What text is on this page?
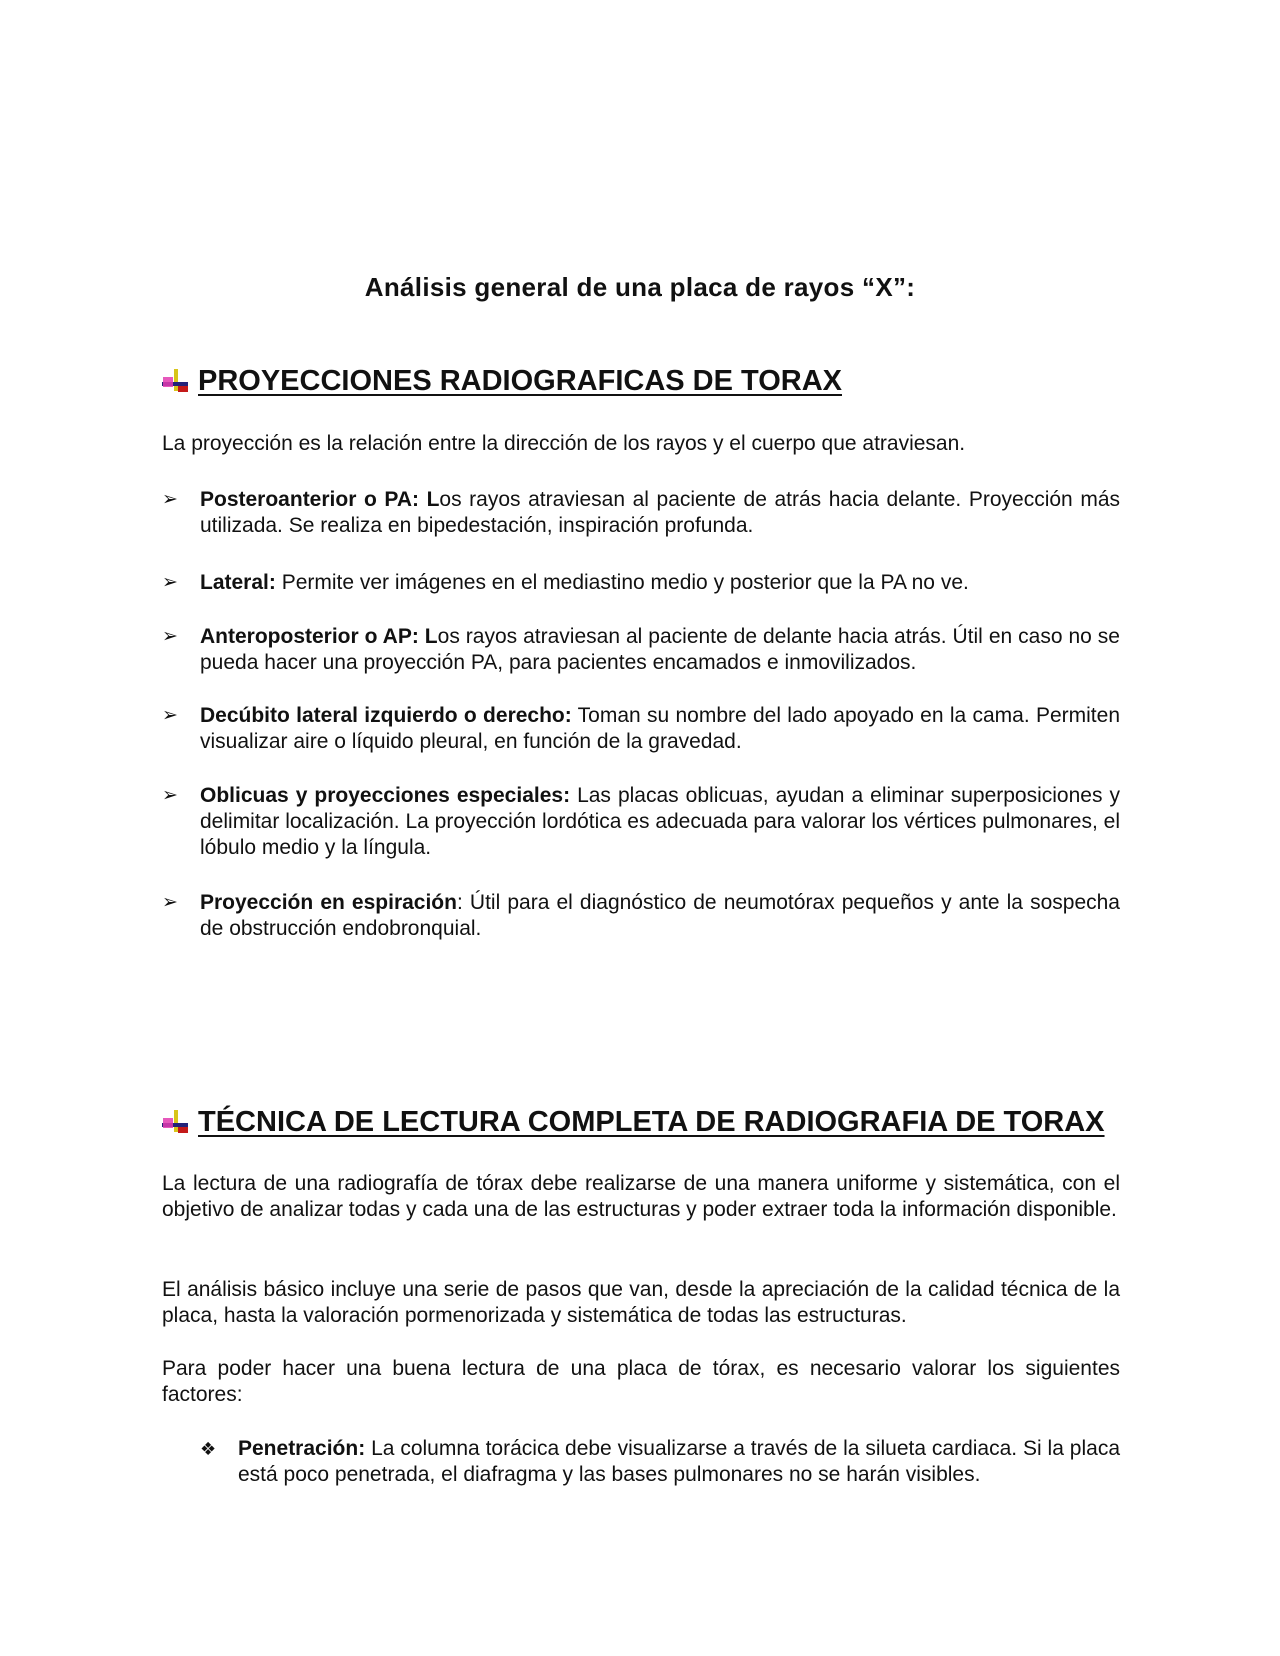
Análisis general de una placa de rayos “X”:
PROYECCIONES RADIOGRAFICAS DE TORAX
La proyección es la relación entre la dirección de los rayos y el cuerpo que atraviesan.
➢ Posteroanterior o PA: Los rayos atraviesan al paciente de atrás hacia delante. Proyección más utilizada. Se realiza en bipedestación, inspiración profunda.
➢ Lateral: Permite ver imágenes en el mediastino medio y posterior que la PA no ve.
➢ Anteroposterior o AP: Los rayos atraviesan al paciente de delante hacia atrás. Útil en caso no se pueda hacer una proyección PA, para pacientes encamados e inmovilizados.
➢ Decúbito lateral izquierdo o derecho: Toman su nombre del lado apoyado en la cama. Permiten visualizar aire o líquido pleural, en función de la gravedad.
➢ Oblicuas y proyecciones especiales: Las placas oblicuas, ayudan a eliminar superposiciones y delimitar localización. La proyección lordótica es adecuada para valorar los vértices pulmonares, el lóbulo medio y la língula.
➢ Proyección en espiración: Útil para el diagnóstico de neumotórax pequeños y ante la sospecha de obstrucción endobronquial.
TÉCNICA DE LECTURA COMPLETA DE RADIOGRAFIA DE TORAX
La lectura de una radiografía de tórax debe realizarse de una manera uniforme y sistemática, con el objetivo de analizar todas y cada una de las estructuras y poder extraer toda la información disponible.
El análisis básico incluye una serie de pasos que van, desde la apreciación de la calidad técnica de la placa, hasta la valoración pormenorizada y sistemática de todas las estructuras.
Para poder hacer una buena lectura de una placa de tórax, es necesario valorar los siguientes factores:
❖ Penetración: La columna torácica debe visualizarse a través de la silueta cardiaca. Si la placa está poco penetrada, el diafragma y las bases pulmonares no se harán visibles.
